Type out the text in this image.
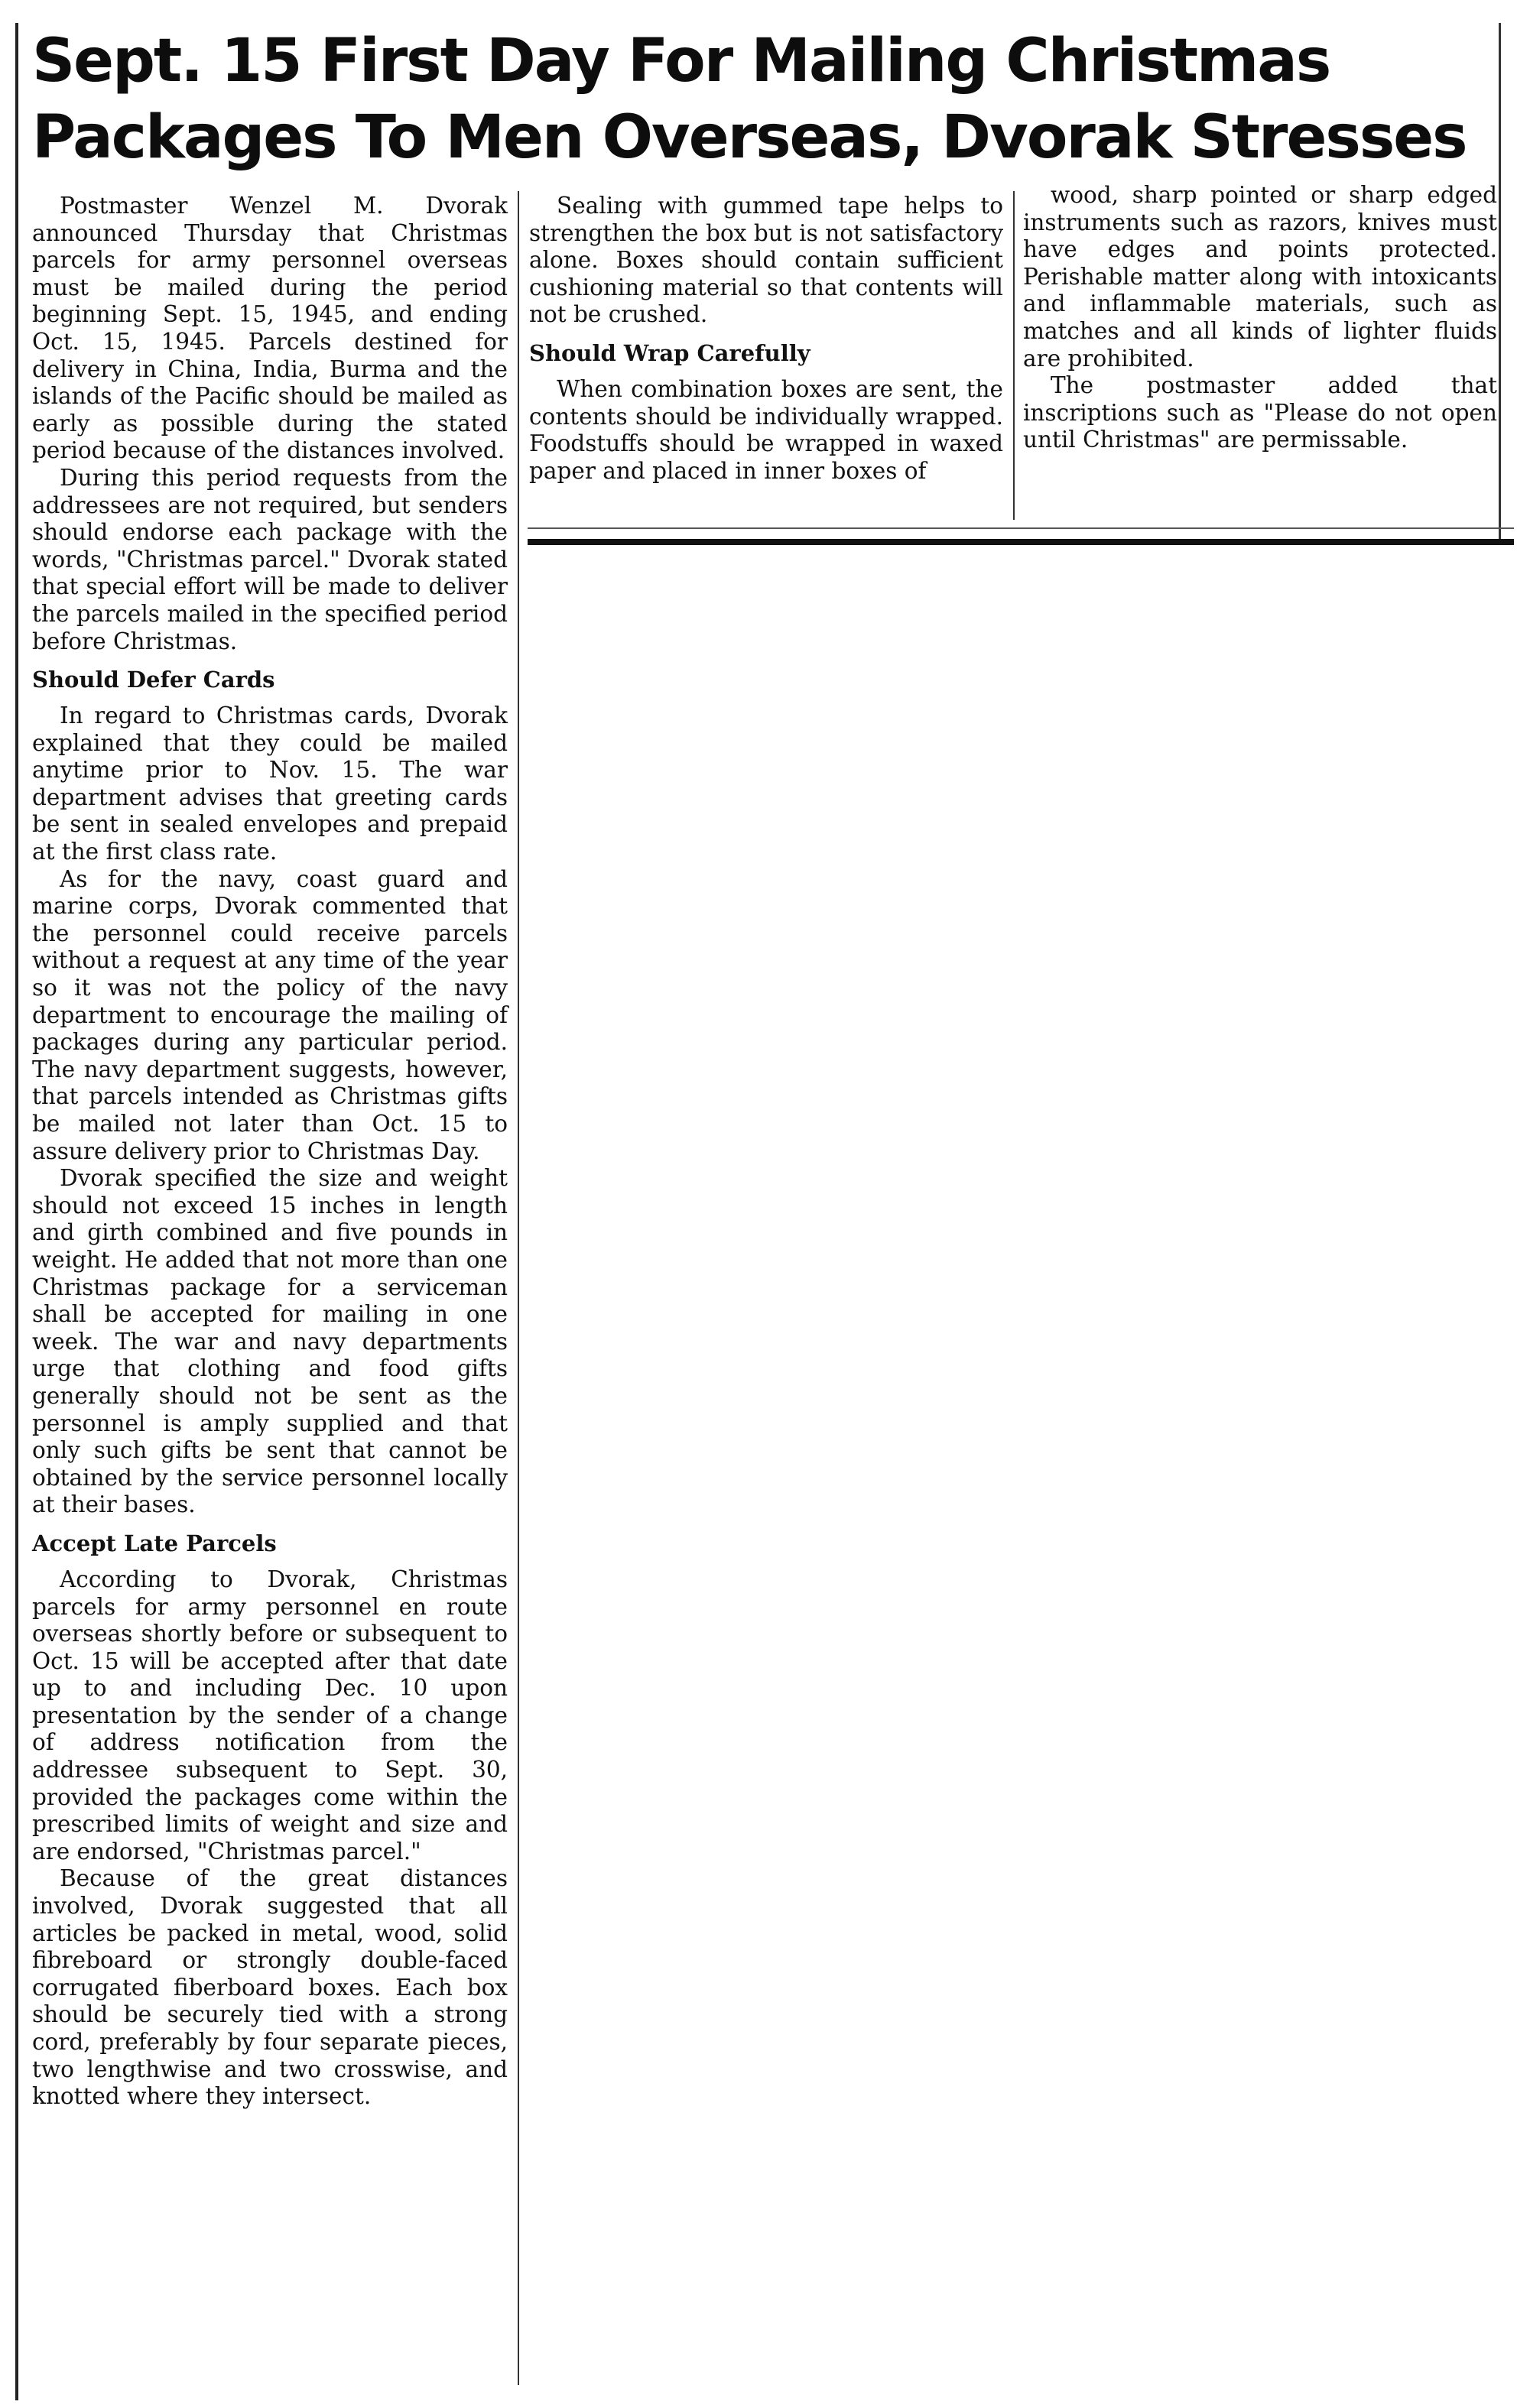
Sept. 15 First Day For Mailing Christmas
Packages To Men Overseas, Dvorak Stresses

Postmaster Wenzel M. Dvorak announced Thursday that Christmas parcels for army personnel overseas must be mailed during the period beginning Sept. 15, 1945, and ending Oct. 15, 1945. Parcels destined for delivery in China, India, Burma and the islands of the Pacific should be mailed as early as possible during the stated period because of the distances involved.

During this period requests from the addressees are not required, but senders should endorse each package with the words, "Christmas parcel." Dvorak stated that special effort will be made to deliver the parcels mailed in the specified period before Christmas.

Should Defer Cards

In regard to Christmas cards, Dvorak explained that they could be mailed anytime prior to Nov. 15. The war department advises that greeting cards be sent in sealed envelopes and prepaid at the first class rate.

As for the navy, coast guard and marine corps, Dvorak commented that the personnel could receive parcels without a request at any time of the year so it was not the policy of the navy department to encourage the mailing of packages during any particular period. The navy department suggests, however, that parcels intended as Christmas gifts be mailed not later than Oct. 15 to assure delivery prior to Christmas Day.

Dvorak specified the size and weight should not exceed 15 inches in length and girth combined and five pounds in weight. He added that not more than one Christmas package for a serviceman shall be accepted for mailing in one week. The war and navy departments urge that clothing and food gifts generally should not be sent as the personnel is amply supplied and that only such gifts be sent that cannot be obtained by the service personnel locally at their bases.

Accept Late Parcels

According to Dvorak, Christmas parcels for army personnel en route overseas shortly before or subsequent to Oct. 15 will be accepted after that date up to and including Dec. 10 upon presentation by the sender of a change of address notification from the addressee subsequent to Sept. 30, provided the packages come within the prescribed limits of weight and size and are endorsed, "Christmas parcel."

Because of the great distances involved, Dvorak suggested that all articles be packed in metal, wood, solid fibreboard or strongly double-faced corrugated fiberboard boxes. Each box should be securely tied with a strong cord, preferably by four separate pieces, two lengthwise and two crosswise, and knotted where they intersect.

Sealing with gummed tape helps to strengthen the box but is not satisfactory alone. Boxes should contain sufficient cushioning material so that contents will not be crushed.

Should Wrap Carefully

When combination boxes are sent, the contents should be individually wrapped. Foodstuffs should be wrapped in waxed paper and placed in inner boxes of

wood, sharp pointed or sharp edged instruments such as razors, knives must have edges and points protected. Perishable matter along with intoxicants and inflammable materials, such as matches and all kinds of lighter fluids are prohibited.

The postmaster added that inscriptions such as "Please do not open until Christmas" are permissable.
